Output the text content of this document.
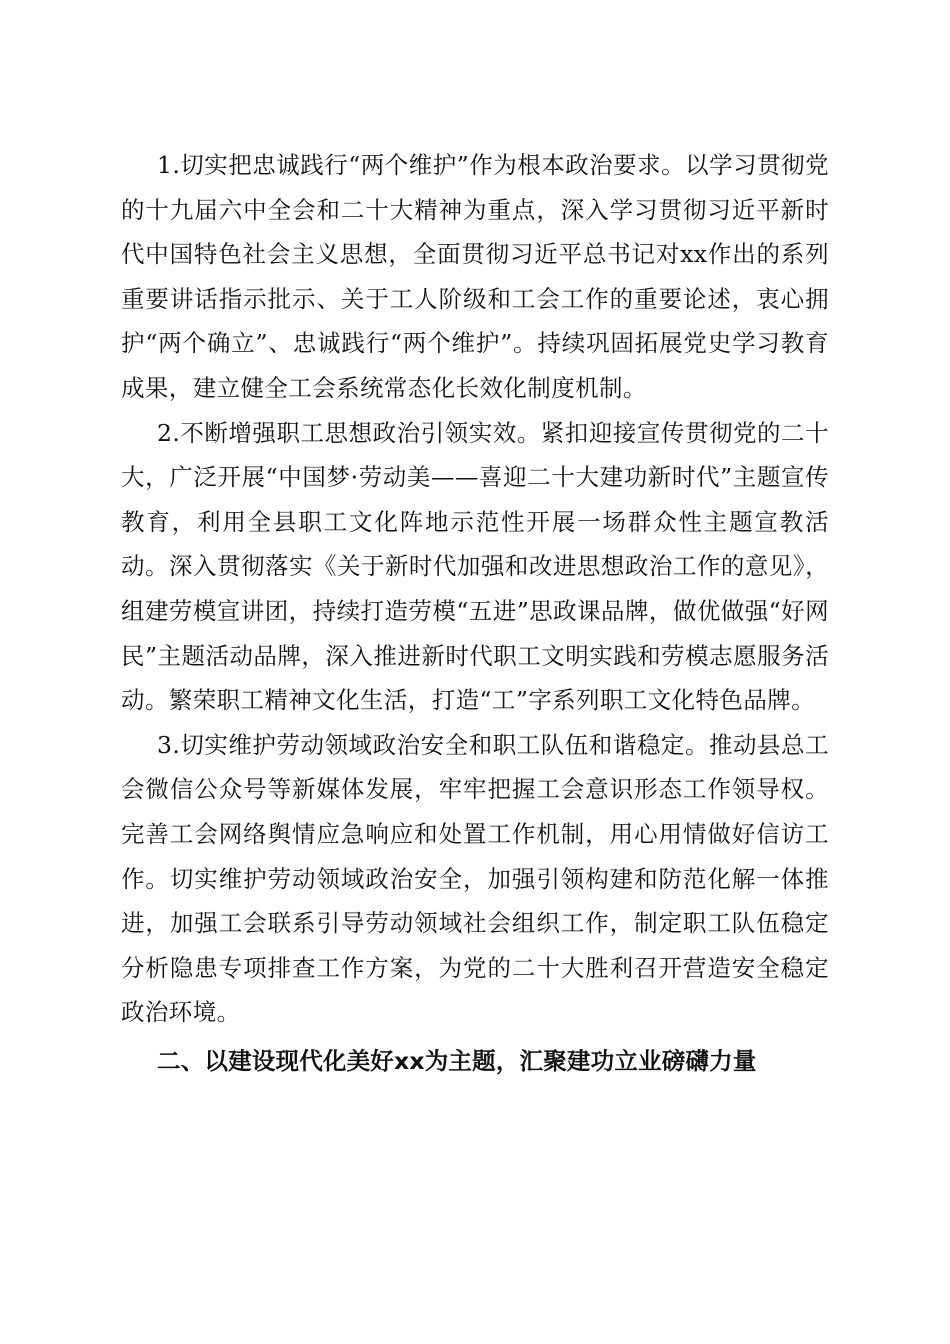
1.切实把忠诚践行“两个维护”作为根本政治要求。以学习贯彻党的十九届六中全会和二十大精神为重点，深入学习贯彻习近平新时代中国特色社会主义思想，全面贯彻习近平总书记对xx作出的系列重要讲话指示批示、关于工人阶级和工会工作的重要论述，衷心拥护“两个确立”、忠诚践行“两个维护”。持续巩固拓展党史学习教育成果，建立健全工会系统常态化长效化制度机制。

2.不断增强职工思想政治引领实效。紧扣迎接宣传贯彻党的二十大，广泛开展“中国梦·劳动美——喜迎二十大建功新时代”主题宣传教育，利用全县职工文化阵地示范性开展一场群众性主题宣教活动。深入贯彻落实《关于新时代加强和改进思想政治工作的意见》，组建劳模宣讲团，持续打造劳模“五进”思政课品牌，做优做强“好网民”主题活动品牌，深入推进新时代职工文明实践和劳模志愿服务活动。繁荣职工精神文化生活，打造“工”字系列职工文化特色品牌。

3.切实维护劳动领域政治安全和职工队伍和谐稳定。推动县总工会微信公众号等新媒体发展，牢牢把握工会意识形态工作领导权。完善工会网络舆情应急响应和处置工作机制，用心用情做好信访工作。切实维护劳动领域政治安全，加强引领构建和防范化解一体推进，加强工会联系引导劳动领域社会组织工作，制定职工队伍稳定分析隐患专项排查工作方案，为党的二十大胜利召开营造安全稳定政治环境。

二、以建设现代化美好xx为主题，汇聚建功立业磅礴力量
